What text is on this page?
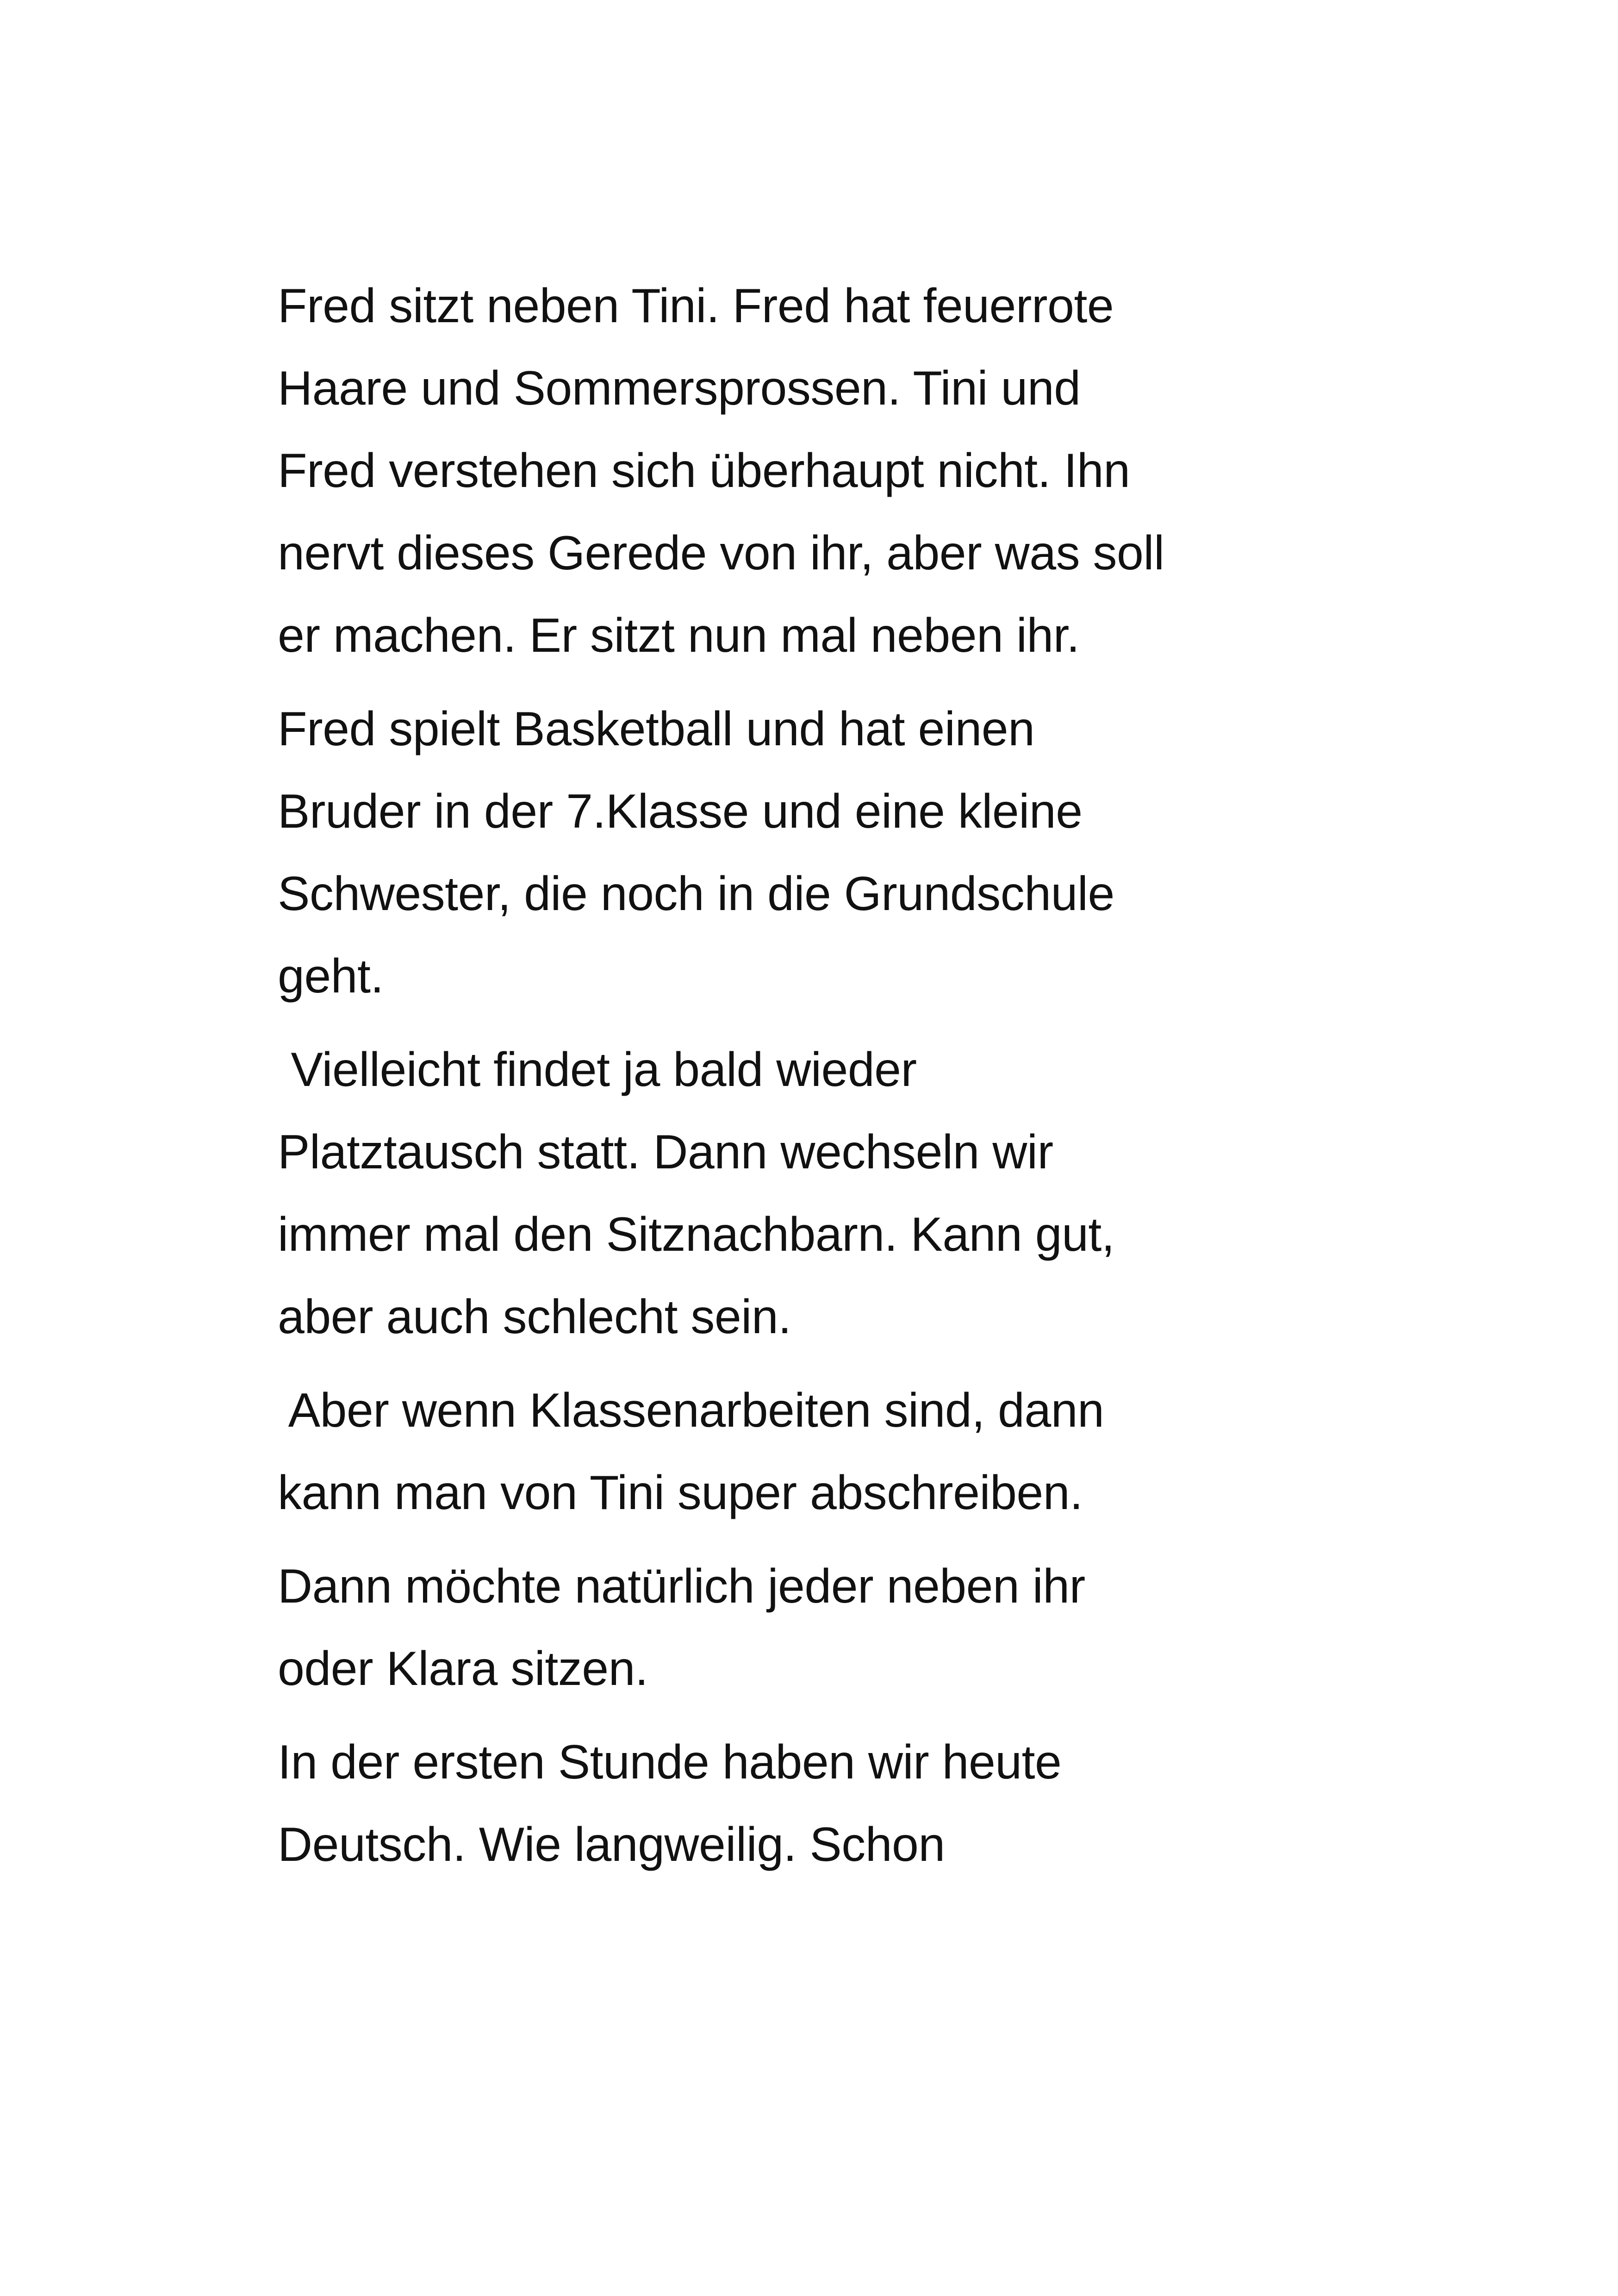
Fred sitzt neben Tini. Fred hat feuerrote
Haare und Sommersprossen. Tini und
Fred verstehen sich überhaupt nicht. Ihn
nervt dieses Gerede von ihr, aber was soll
er machen. Er sitzt nun mal neben ihr.
Fred spielt Basketball und hat einen
Bruder in der 7.Klasse und eine kleine
Schwester, die noch in die Grundschule
geht.
Vielleicht findet ja bald wieder
Platztausch statt. Dann wechseln wir
immer mal den Sitznachbarn. Kann gut,
aber auch schlecht sein.
Aber wenn Klassenarbeiten sind, dann
kann man von Tini super abschreiben.
Dann möchte natürlich jeder neben ihr
oder Klara sitzen.
In der ersten Stunde haben wir heute
Deutsch. Wie langweilig. Schon
